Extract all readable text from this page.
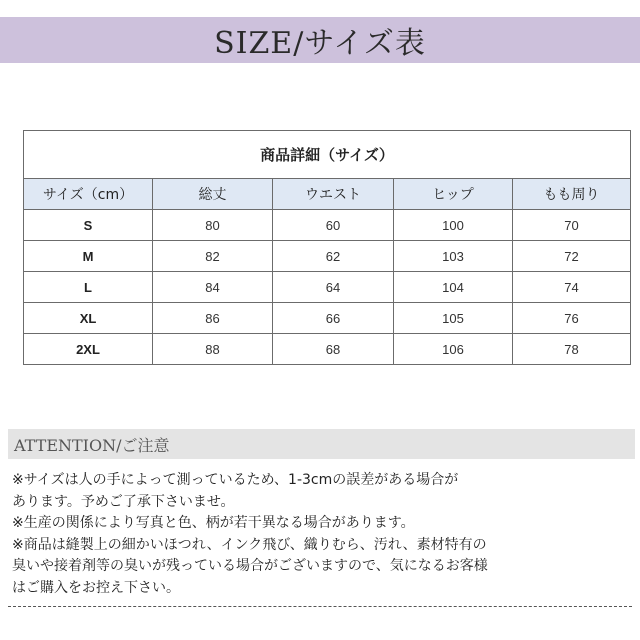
SIZE/サイズ表
商品詳細（サイズ）				
サイズ（cm）	総丈	ウエスト	ヒップ	もも周り
S	80	60	100	70
M	82	62	103	72
L	84	64	104	74
XL	86	66	105	76
2XL	88	68	106	78
ATTENTION/ご注意
※サイズは人の手によって測っているため、1-3cmの誤差がある場合が
あります。予めご了承下さいませ。
※生産の関係により写真と色、柄が若干異なる場合があります。
※商品は縫製上の細かいほつれ、インク飛び、織りむら、汚れ、素材特有の
臭いや接着剤等の臭いが残っている場合がございますので、気になるお客様
はご購入をお控え下さい。
